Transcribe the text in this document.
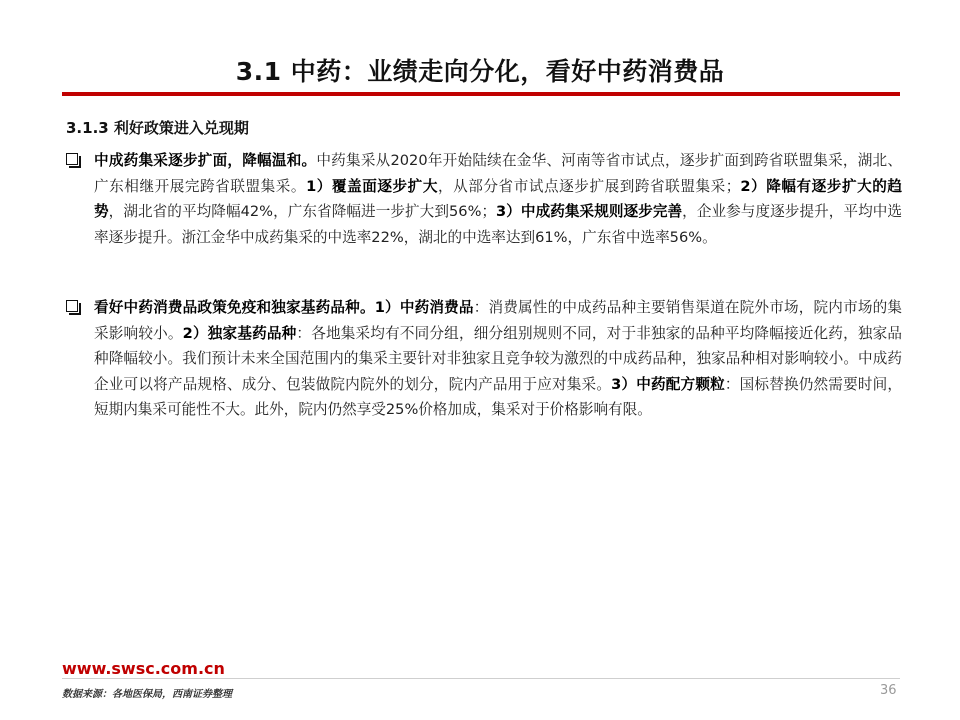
3.1 中药：业绩走向分化，看好中药消费品
3.1.3 利好政策进入兑现期
中成药集采逐步扩面，降幅温和。中药集采从2020年开始陆续在金华、河南等省市试点，逐步扩面到跨省联盟集采，湖北、广东相继开展完跨省联盟集采。1）覆盖面逐步扩大，从部分省市试点逐步扩展到跨省联盟集采；2）降幅有逐步扩大的趋势，湖北省的平均降幅42%，广东省降幅进一步扩大到56%；3）中成药集采规则逐步完善，企业参与度逐步提升，平均中选率逐步提升。浙江金华中成药集采的中选率22%，湖北的中选率达到61%，广东省中选率56%。
看好中药消费品政策免疫和独家基药品种。1）中药消费品：消费属性的中成药品种主要销售渠道在院外市场，院内市场的集采影响较小。2）独家基药品种：各地集采均有不同分组，细分组别规则不同，对于非独家的品种平均降幅接近化药，独家品种降幅较小。我们预计未来全国范围内的集采主要针对非独家且竞争较为激烈的中成药品种，独家品种相对影响较小。中成药企业可以将产品规格、成分、包装做院内院外的划分，院内产品用于应对集采。3）中药配方颗粒：国标替换仍然需要时间，短期内集采可能性不大。此外，院内仍然享受25%价格加成，集采对于价格影响有限。
www.swsc.com.cn
数据来源：各地医保局，西南证券整理	36
